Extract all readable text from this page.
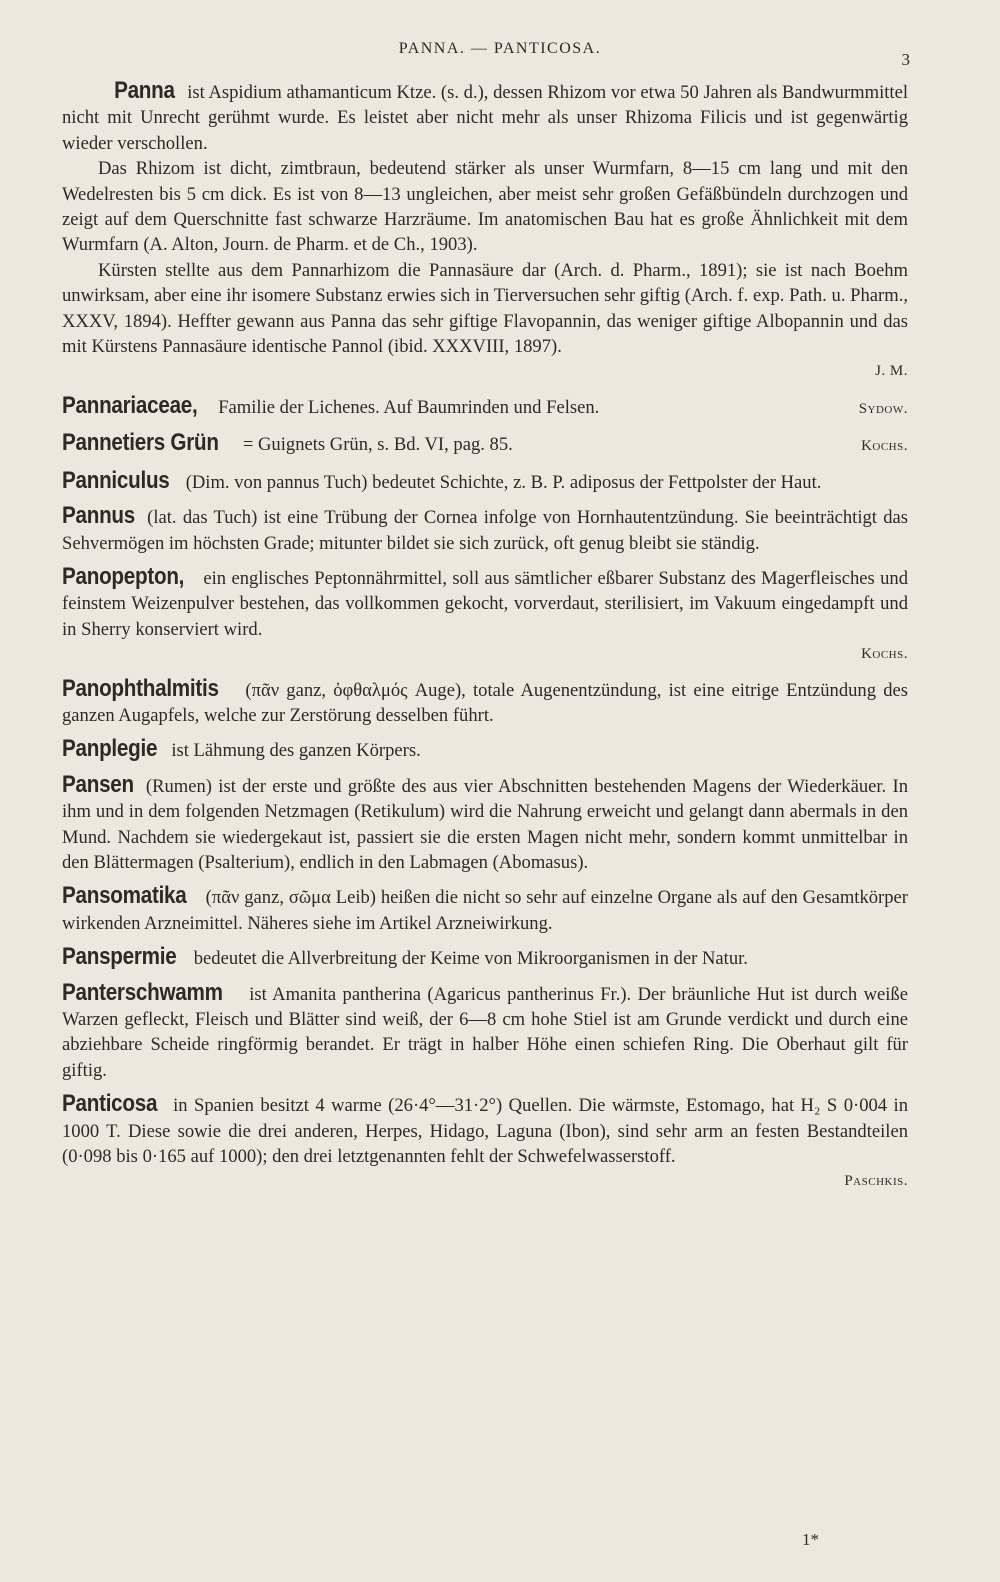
PANNA. — PANTICOSA.
3

Panna ist Aspidium athamanticum Ktze. (s. d.), dessen Rhizom vor etwa 50 Jahren als Bandwurmmittel nicht mit Unrecht gerühmt wurde. Es leistet aber nicht mehr als unser Rhizoma Filicis und ist gegenwärtig wieder verschollen.

Das Rhizom ist dicht, zimtbraun, bedeutend stärker als unser Wurmfarn, 8—15 cm lang und mit den Wedelresten bis 5 cm dick. Es ist von 8—13 ungleichen, aber meist sehr großen Gefäßbündeln durchzogen und zeigt auf dem Querschnitte fast schwarze Harzräume. Im anatomischen Bau hat es große Ähnlichkeit mit dem Wurmfarn (A. Alton, Journ. de Pharm. et de Ch., 1903).

Kürsten stellte aus dem Pannarhizom die Pannasäure dar (Arch. d. Pharm., 1891); sie ist nach Boehm unwirksam, aber eine ihr isomere Substanz erwies sich in Tierversuchen sehr giftig (Arch. f. exp. Path. u. Pharm., XXXV, 1894). Heffter gewann aus Panna das sehr giftige Flavopannin, das weniger giftige Albopannin und das mit Kürstens Pannasäure identische Pannol (ibid. XXXVIII, 1897).

J. M.

Sydow.
Pannariaceae, Familie der Lichenes. Auf Baumrinden und Felsen.

Kochs.
Pannetiers Grün = Guignets Grün, s. Bd. VI, pag. 85.

Panniculus (Dim. von pannus Tuch) bedeutet Schichte, z. B. P. adiposus der Fettpolster der Haut.

Pannus (lat. das Tuch) ist eine Trübung der Cornea infolge von Hornhautentzündung. Sie beeinträchtigt das Sehvermögen im höchsten Grade; mitunter bildet sie sich zurück, oft genug bleibt sie ständig.

Panopepton, ein englisches Peptonnährmittel, soll aus sämtlicher eßbarer Substanz des Magerfleisches und feinstem Weizenpulver bestehen, das vollkommen gekocht, vorverdaut, sterilisiert, im Vakuum eingedampft und in Sherry konserviert wird.

Kochs.

Panophthalmitis (πᾶν ganz, ὀφθαλμός Auge), totale Augenentzündung, ist eine eitrige Entzündung des ganzen Augapfels, welche zur Zerstörung desselben führt.

Panplegie ist Lähmung des ganzen Körpers.

Pansen (Rumen) ist der erste und größte des aus vier Abschnitten bestehenden Magens der Wiederkäuer. In ihm und in dem folgenden Netzmagen (Retikulum) wird die Nahrung erweicht und gelangt dann abermals in den Mund. Nachdem sie wiedergekaut ist, passiert sie die ersten Magen nicht mehr, sondern kommt unmittelbar in den Blättermagen (Psalterium), endlich in den Labmagen (Abomasus).

Pansomatika (πᾶν ganz, σῶμα Leib) heißen die nicht so sehr auf einzelne Organe als auf den Gesamtkörper wirkenden Arzneimittel. Näheres siehe im Artikel Arzneiwirkung.

Panspermie bedeutet die Allverbreitung der Keime von Mikroorganismen in der Natur.

Panterschwamm ist Amanita pantherina (Agaricus pantherinus Fr.). Der bräunliche Hut ist durch weiße Warzen gefleckt, Fleisch und Blätter sind weiß, der 6—8 cm hohe Stiel ist am Grunde verdickt und durch eine abziehbare Scheide ringförmig berandet. Er trägt in halber Höhe einen schiefen Ring. Die Oberhaut gilt für giftig.

Panticosa in Spanien besitzt 4 warme (26·4°—31·2°) Quellen. Die wärmste, Estomago, hat H₂ S 0·004 in 1000 T. Diese sowie die drei anderen, Herpes, Hidago, Laguna (Ibon), sind sehr arm an festen Bestandteilen (0·098 bis 0·165 auf 1000); den drei letztgenannten fehlt der Schwefelwasserstoff.

Paschkis.

1*
